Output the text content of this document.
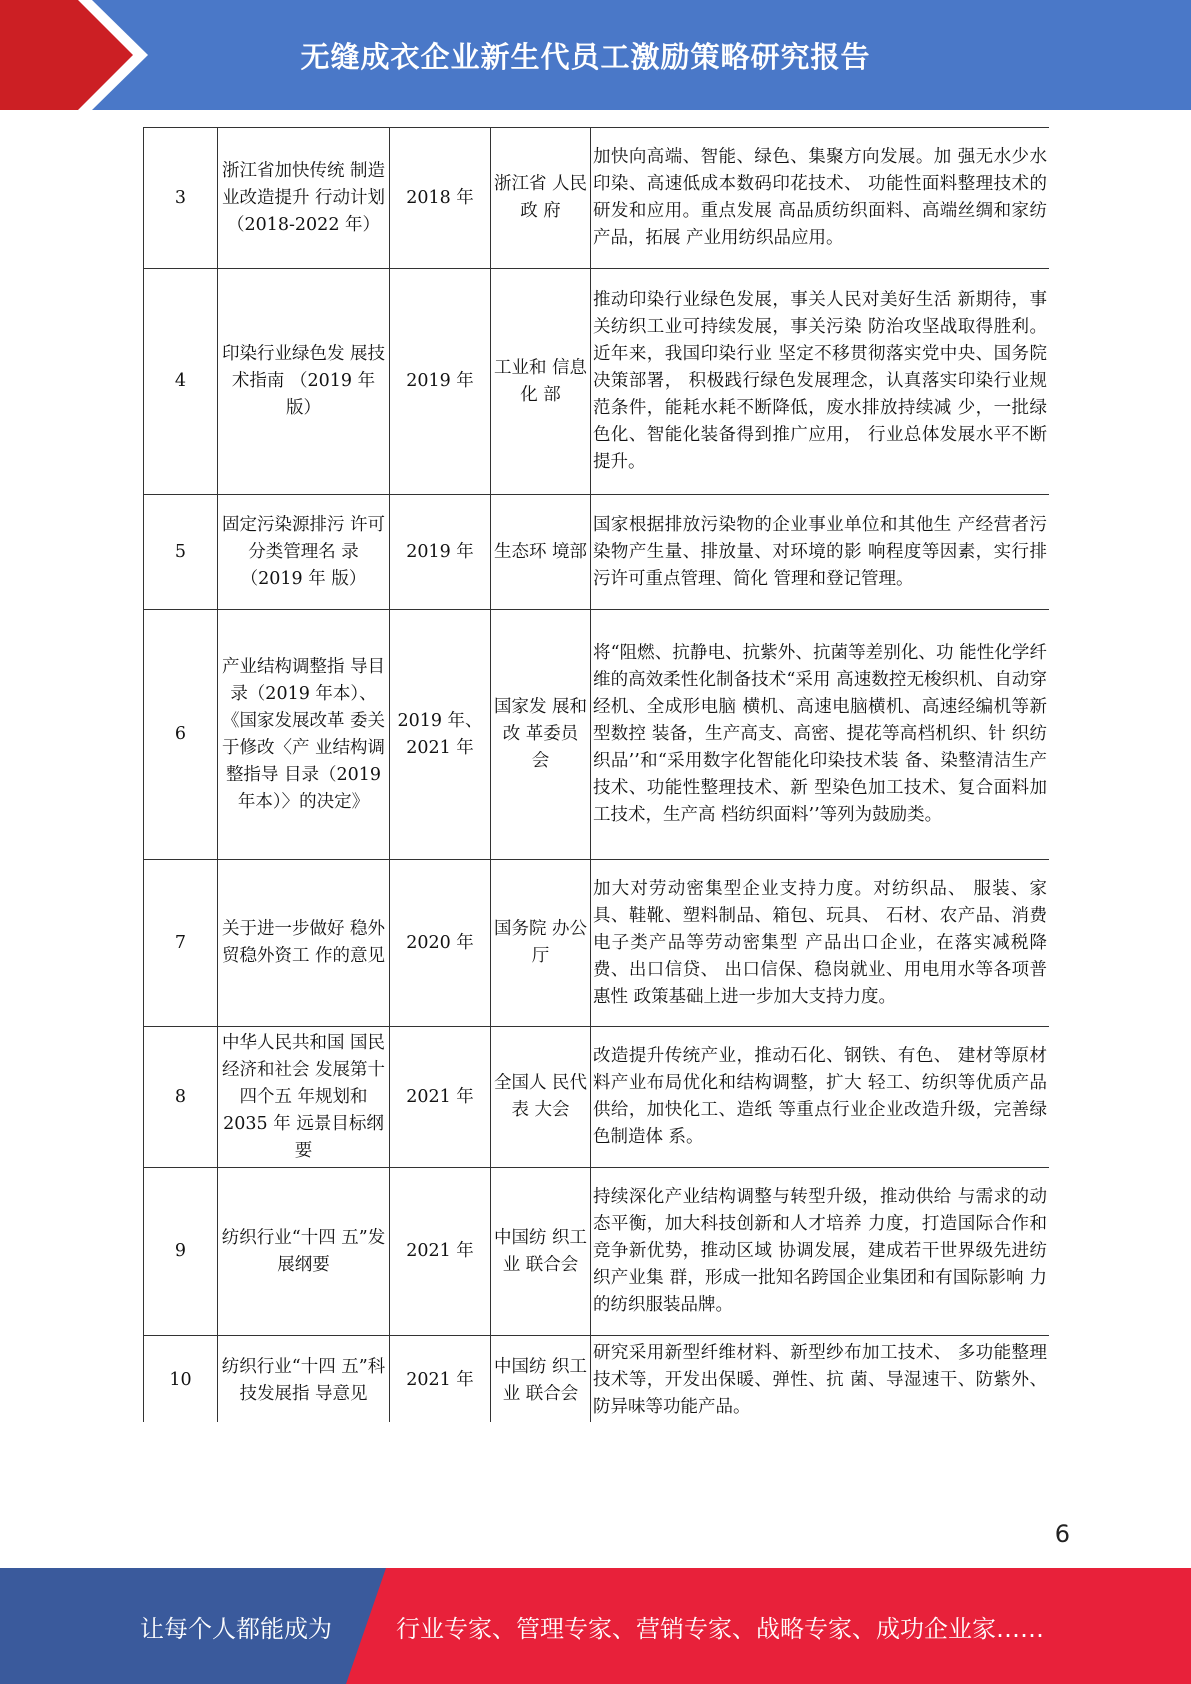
无缝成衣企业新生代员工激励策略研究报告
3	浙江省加快传统 制造业改造提升 行动计划 （2018-2022 年）	2018 年	浙江省 人民政 府	加快向高端、智能、绿色、集聚方向发展。加 强无水少水印染、高速低成本数码印花技术、 功能性面料整理技术的研发和应用。重点发展 高品质纺织面料、高端丝绸和家纺产品，拓展 产业用纺织品应用。
4	印染行业绿色发 展技术指南 （2019 年版）	2019 年	工业和 信息化 部	推动印染行业绿色发展，事关人民对美好生活 新期待，事关纺织工业可持续发展，事关污染 防治攻坚战取得胜利。近年来，我国印染行业 坚定不移贯彻落实党中央、国务院决策部署， 积极践行绿色发展理念，认真落实印染行业规 范条件，能耗水耗不断降低，废水排放持续减 少，一批绿色化、智能化装备得到推广应用， 行业总体发展水平不断提升。
5	固定污染源排污 许可分类管理名 录（2019 年 版）	2019 年	生态环 境部	国家根据排放污染物的企业事业单位和其他生 产经营者污染物产生量、排放量、对环境的影 响程度等因素，实行排污许可重点管理、简化 管理和登记管理。
6	产业结构调整指 导目录（2019 年本）、《国家发展改革 委关于修改〈产 业结构调整指导 目录（2019 年本）〉的决定》	2019 年、 2021 年	国家发 展和改 革委员 会	将“阻燃、抗静电、抗紫外、抗菌等差别化、功 能性化学纤维的高效柔性化制备技术“采用 高速数控无梭织机、自动穿经机、全成形电脑 横机、高速电脑横机、高速经编机等新型数控 装备，生产高支、高密、提花等高档机织、针 织纺织品’’和“采用数字化智能化印染技术装 备、染整清洁生产技术、功能性整理技术、新 型染色加工技术、复合面料加工技术，生产高 档纺织面料’’等列为鼓励类。
7	关于进一步做好 稳外贸稳外资工 作的意见	2020 年	国务院 办公厅	加大对劳动密集型企业支持力度。对纺织品、 服装、家具、鞋靴、塑料制品、箱包、玩具、 石材、农产品、消费电子类产品等劳动密集型 产品出口企业，在落实减税降费、出口信贷、 出口信保、稳岗就业、用电用水等各项普惠性 政策基础上进一步加大支持力度。
8	中华人民共和国 国民经济和社会 发展第十四个五 年规划和 2035 年 远景目标纲要	2021 年	全国人 民代表 大会	改造提升传统产业，推动石化、钢铁、有色、 建材等原材料产业布局优化和结构调整，扩大 轻工、纺织等优质产品供给，加快化工、造纸 等重点行业企业改造升级，完善绿色制造体 系。
9	纺织行业“十四 五”发展纲要	2021 年	中国纺 织工业 联合会	持续深化产业结构调整与转型升级，推动供给 与需求的动态平衡，加大科技创新和人才培养 力度，打造国际合作和竞争新优势，推动区域 协调发展，建成若干世界级先进纺织产业集 群，形成一批知名跨国企业集团和有国际影响 力的纺织服装品牌。
10	纺织行业“十四 五”科技发展指 导意见	2021 年	中国纺 织工业 联合会	研究采用新型纤维材料、新型纱布加工技术、 多功能整理技术等，开发出保暖、弹性、抗 菌、导湿速干、防紫外、防异味等功能产品。
6
让每个人都能成为	行业专家、管理专家、营销专家、战略专家、成功企业家……
